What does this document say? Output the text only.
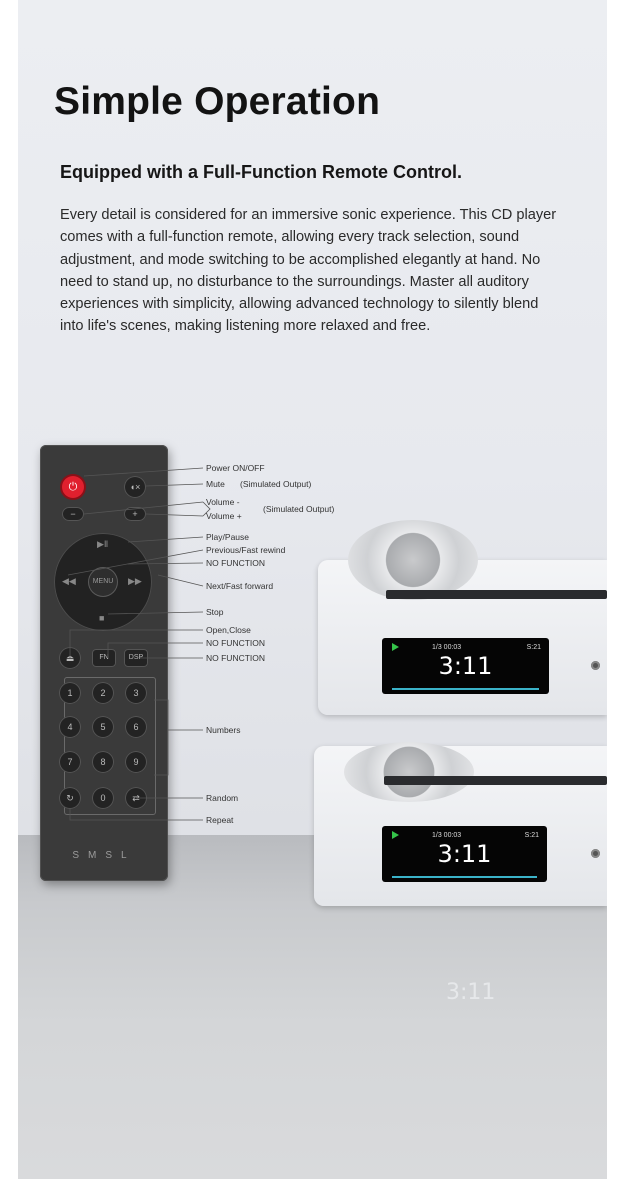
Simple Operation
Equipped with a Full-Function Remote Control.

Every detail is considered for an immersive sonic experience. This CD player comes with a full-function remote, allowing every track selection, sound adjustment, and mode switching to be accomplished elegantly at hand. No need to stand up, no disturbance to the surroundings. Master all auditory experiences with simplicity, allowing advanced technology to silently blend into life's scenes, making listening more relaxed and free.

3:11
1/3 00:03	S:21
3:11
1/3 00:03	S:21
3:11
⏻	◖×
−	+
▶Ⅱ
◀◀	▶▶
■
MENU
⏏	FN	DSP
1	2	3
4	5	6
7	8	9
↻	0	⇄
SMSL
Power ON/OFF
Mute (Simulated Output)
Volume -
Volume +
(Simulated Output)
Play/Pause
Previous/Fast rewind
NO FUNCTION
Next/Fast forward
Stop
Open,Close
NO FUNCTION
NO FUNCTION
Numbers
Random
Repeat
